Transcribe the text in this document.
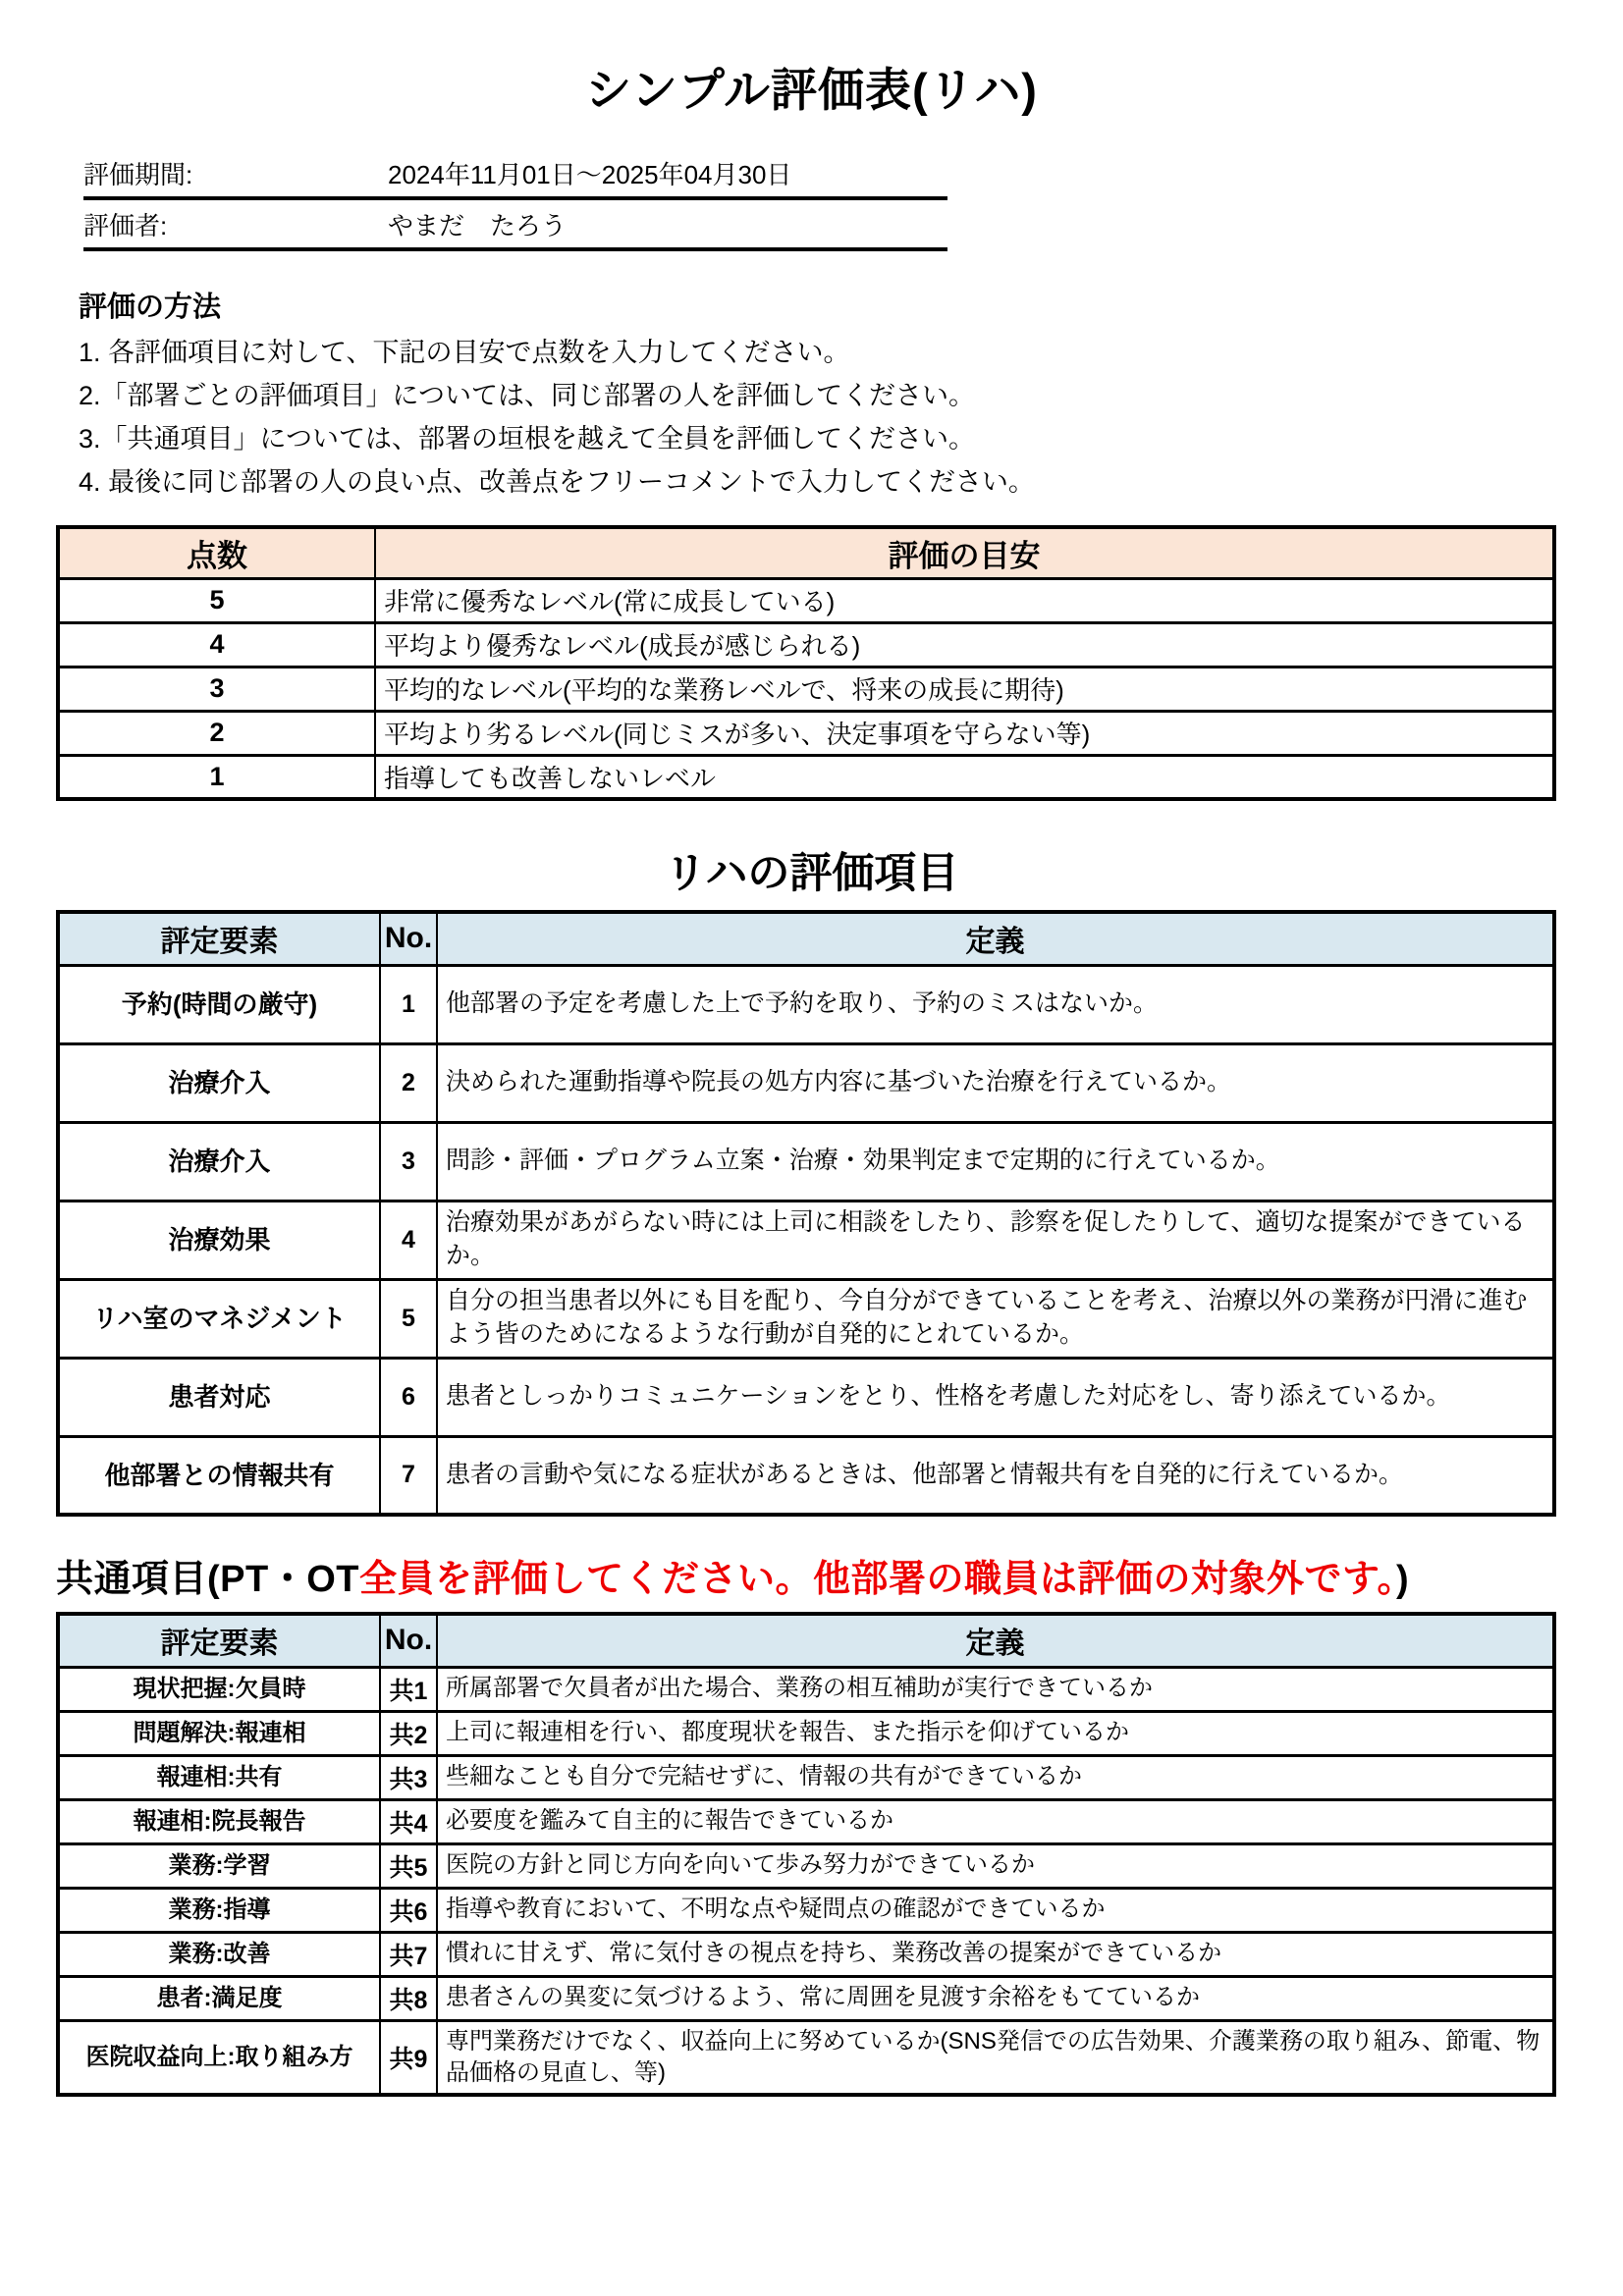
シンプル評価表(リハ)
評価期間:	2024年11月01日～2025年04月30日
評価者:	やまだ　たろう
評価の方法
1. 各評価項目に対して、下記の目安で点数を入力してください。
2.「部署ごとの評価項目」については、同じ部署の人を評価してください。
3.「共通項目」については、部署の垣根を越えて全員を評価してください。
4. 最後に同じ部署の人の良い点、改善点をフリーコメントで入力してください。
点数	評価の目安
5	非常に優秀なレベル(常に成長している)
4	平均より優秀なレベル(成長が感じられる)
3	平均的なレベル(平均的な業務レベルで、将来の成長に期待)
2	平均より劣るレベル(同じミスが多い、決定事項を守らない等)
1	指導しても改善しないレベル
リハの評価項目
評定要素	No.	定義
予約(時間の厳守)	1	他部署の予定を考慮した上で予約を取り、予約のミスはないか。
治療介入	2	決められた運動指導や院長の処方内容に基づいた治療を行えているか。
治療介入	3	問診・評価・プログラム立案・治療・効果判定まで定期的に行えているか。
治療効果	4	治療効果があがらない時には上司に相談をしたり、診察を促したりして、適切な提案ができているか。
リハ室のマネジメント	5	自分の担当患者以外にも目を配り、今自分ができていることを考え、治療以外の業務が円滑に進むよう皆のためになるような行動が自発的にとれているか。
患者対応	6	患者としっかりコミュニケーションをとり、性格を考慮した対応をし、寄り添えているか。
他部署との情報共有	7	患者の言動や気になる症状があるときは、他部署と情報共有を自発的に行えているか。
共通項目(PT・OT全員を評価してください。他部署の職員は評価の対象外です。)
評定要素	No.	定義
現状把握:欠員時	共1	所属部署で欠員者が出た場合、業務の相互補助が実行できているか
問題解決:報連相	共2	上司に報連相を行い、都度現状を報告、また指示を仰げているか
報連相:共有	共3	些細なことも自分で完結せずに、情報の共有ができているか
報連相:院長報告	共4	必要度を鑑みて自主的に報告できているか
業務:学習	共5	医院の方針と同じ方向を向いて歩み努力ができているか
業務:指導	共6	指導や教育において、不明な点や疑問点の確認ができているか
業務:改善	共7	慣れに甘えず、常に気付きの視点を持ち、業務改善の提案ができているか
患者:満足度	共8	患者さんの異変に気づけるよう、常に周囲を見渡す余裕をもてているか
医院収益向上:取り組み方	共9	専門業務だけでなく、収益向上に努めているか(SNS発信での広告効果、介護業務の取り組み、節電、物品価格の見直し、等)
